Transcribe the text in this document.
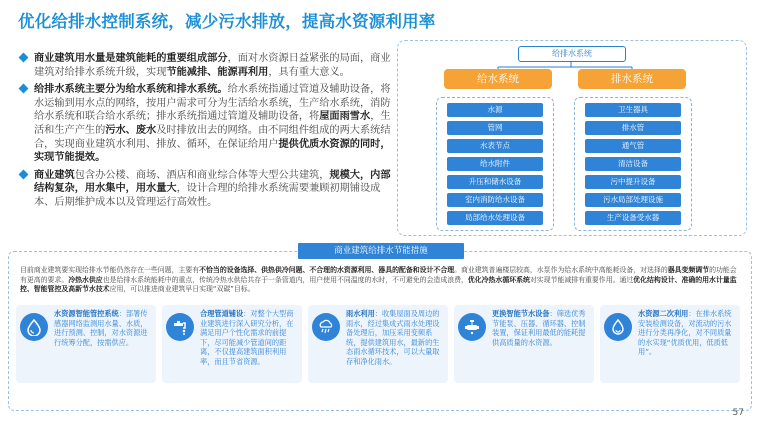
优化给排水控制系统，减少污水排放，提高水资源利用率
商业建筑用水量是建筑能耗的重要组成部分，面对水资源日益紧张的局面，商业建筑对给排水系统升级，实现节能减排、能源再利用，具有重大意义。
给排水系统主要分为给水系统和排水系统。给水系统指通过管道及辅助设备，将水运输到用水点的网络，按用户需求可分为生活给水系统，生产给水系统，消防给水系统和联合给水系统；排水系统指通过管道及辅助设备，将屋面雨雪水，生活和生产产生的污水、废水及时排放出去的网络。由不同组件组成的两大系统结合，实现商业建筑水利用、排放、循环，在保证给用户提供优质水资源的同时，实现节能提效。
商业建筑包含办公楼、商场、酒店和商业综合体等大型公共建筑，规模大，内部结构复杂，用水集中，用水量大，设计合理的给排水系统需要兼顾初期铺设成本、后期维护成本以及管理运行高效性。
给排水系统
给水系统	排水系统
水源
管网
水表节点
给水附件
升压和储水设备
室内消防给水设备
局部给水处理设备
卫生器具
排水管
通气管
清洁设备
污中提升设备
污水局部处理设施
生产设备受水器
商业建筑给排水节能措施
目前商业建筑要实现给排水节能仍然存在一些问题，主要有不恰当的设备选择、供热供冷问题、不合理的水资源利用、器具的配备和设计不合理。商业建筑普遍楼层较高，水泵作为给水系统中高能耗设备，对选择的器具变频调节的功能会有更高的要求。冷热水供应也是给排水系统能耗中的重点，传统冷热水供给共存于一条管道内，用户使用不同温度的水时，不可避免的会造成浪费，优化冷热水循环系统对实现节能减排有重要作用。通过优化结构设计、准确的用水计量监控、智能管控及高新节水技术应用，可以推进商业建筑早日实现“双碳”目标。
水资源智能管控系统：部署传感器网络监测用水量、水质，进行预测、控制，对水资源进行统筹分配，按需供应。
合理管道铺设：对整个大型商业建筑进行深入研究分析，在满足用户个性化需求的前提下，尽可能减少管道间的距离，不仅提高建筑面积利用率，而且节省资源。
雨水利用：收集屋面及周边的雨水，经过集成式雨水处理设备处理后，加压采用变频系统，提供建筑用水，最新的生态雨水循环技术，可以大量取存和净化雨水。
更换智能节水设备：筛选优秀节能泵、压器、循环器、控制装置，保证利用最低的能耗提供高质量的水资源。
水资源二次利用：在排水系统安装检测设备，对流动的污水进行分类再净化，对不同质量的水实现“优质优用，低质低用”。
57
